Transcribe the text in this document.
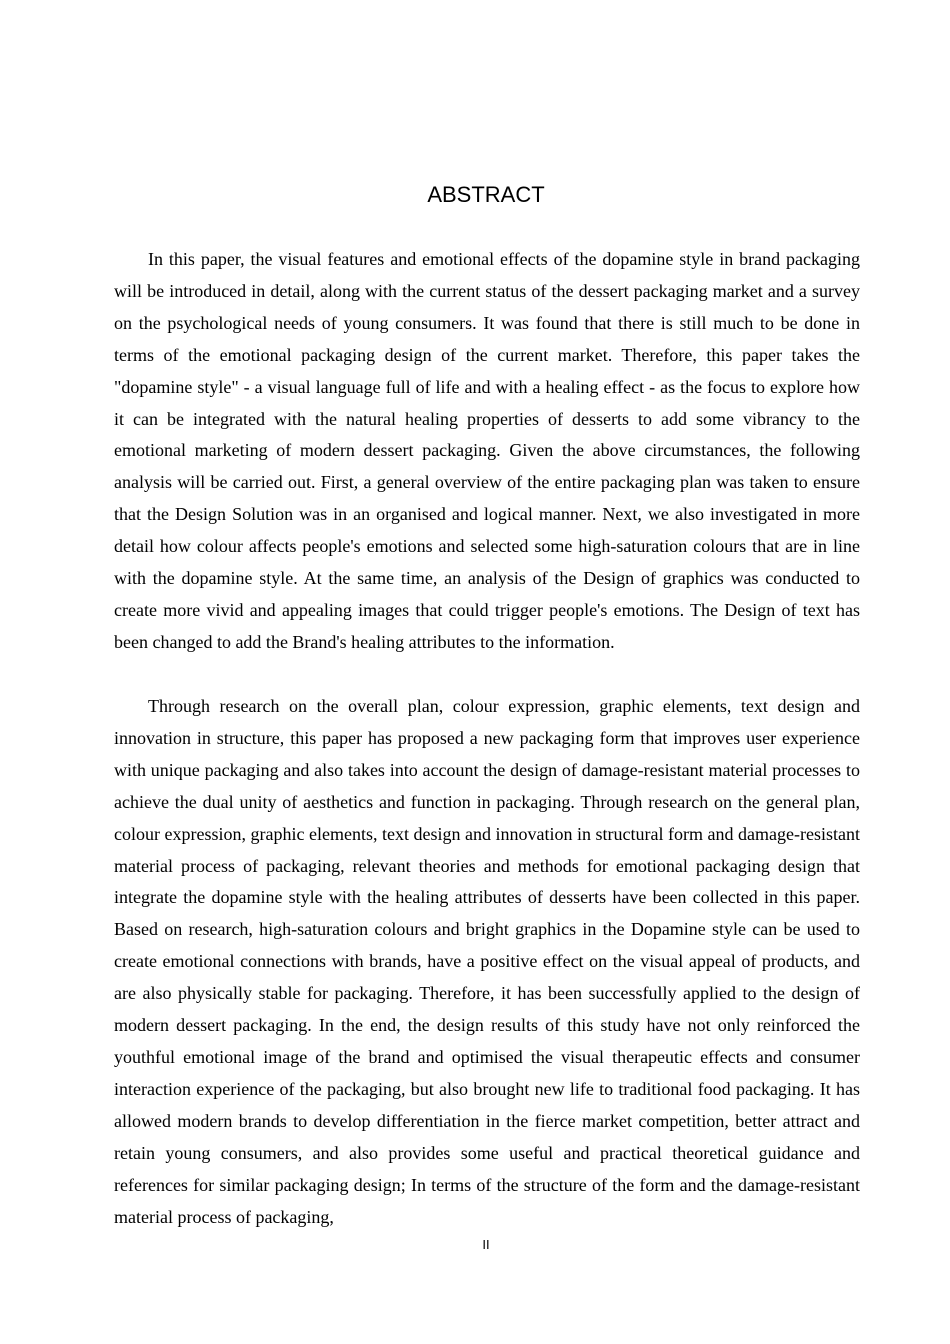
ABSTRACT

In this paper, the visual features and emotional effects of the dopamine style in brand packaging will be introduced in detail, along with the current status of the dessert packaging market and a survey on the psychological needs of young consumers. It was found that there is still much to be done in terms of the emotional packaging design of the current market. Therefore, this paper takes the "dopamine style" - a visual language full of life and with a healing effect - as the focus to explore how it can be integrated with the natural healing properties of desserts to add some vibrancy to the emotional marketing of modern dessert packaging. Given the above circumstances, the following analysis will be carried out. First, a general overview of the entire packaging plan was taken to ensure that the Design Solution was in an organised and logical manner. Next, we also investigated in more detail how colour affects people's emotions and selected some high-saturation colours that are in line with the dopamine style. At the same time, an analysis of the Design of graphics was conducted to create more vivid and appealing images that could trigger people's emotions. The Design of text has been changed to add the Brand's healing attributes to the information.

Through research on the overall plan, colour expression, graphic elements, text design and innovation in structure, this paper has proposed a new packaging form that improves user experience with unique packaging and also takes into account the design of damage-resistant material processes to achieve the dual unity of aesthetics and function in packaging. Through research on the general plan, colour expression, graphic elements, text design and innovation in structural form and damage-resistant material process of packaging, relevant theories and methods for emotional packaging design that integrate the dopamine style with the healing attributes of desserts have been collected in this paper. Based on research, high-saturation colours and bright graphics in the Dopamine style can be used to create emotional connections with brands, have a positive effect on the visual appeal of products, and are also physically stable for packaging. Therefore, it has been successfully applied to the design of modern dessert packaging. In the end, the design results of this study have not only reinforced the youthful emotional image of the brand and optimised the visual therapeutic effects and consumer interaction experience of the packaging, but also brought new life to traditional food packaging. It has allowed modern brands to develop differentiation in the fierce market competition, better attract and retain young consumers, and also provides some useful and practical theoretical guidance and references for similar packaging design; In terms of the structure of the form and the damage-resistant material process of packaging,

II
